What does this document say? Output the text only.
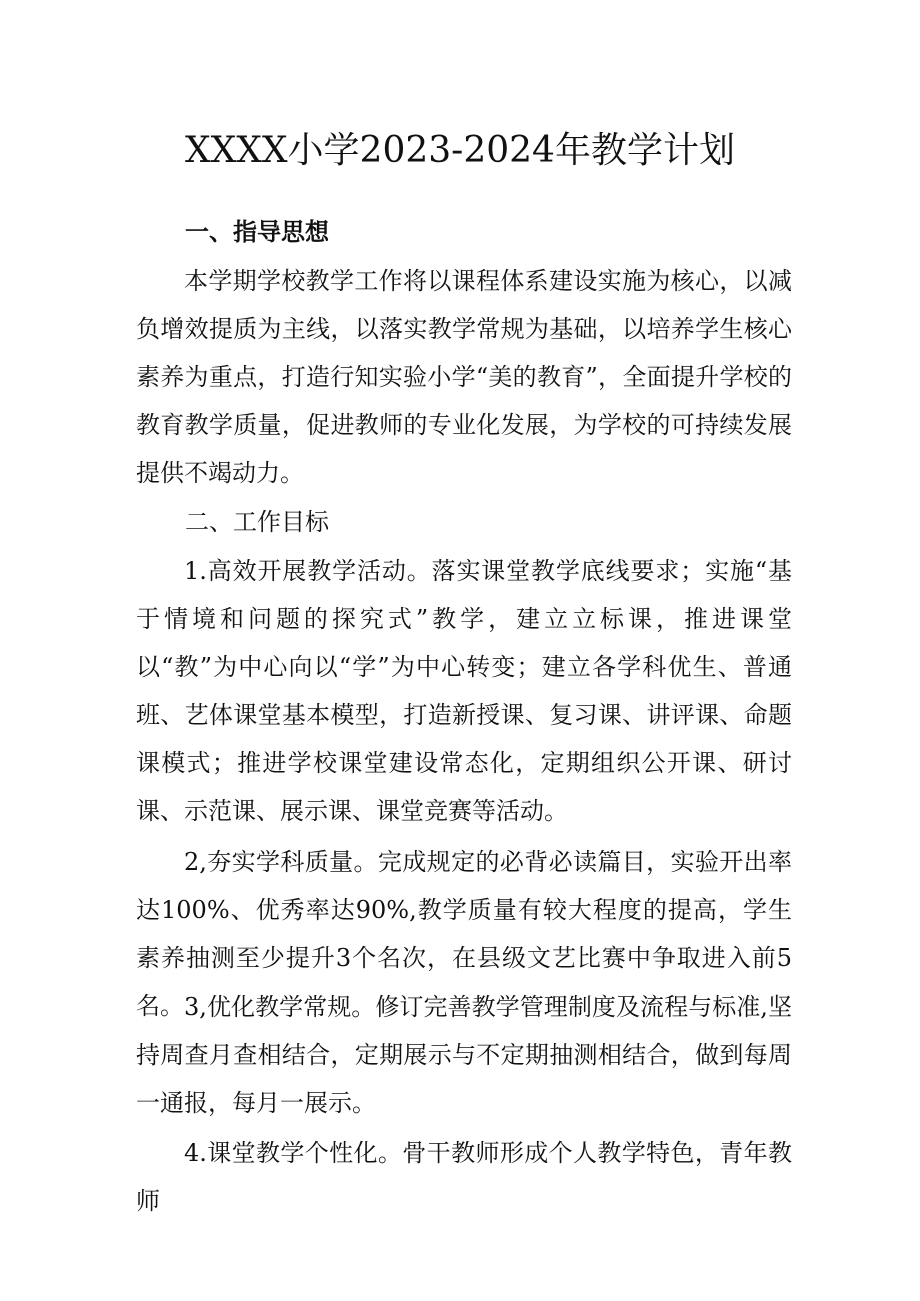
XXXX小学2023-2024年教学计划
一、指导思想

本学期学校教学工作将以课程体系建设实施为核心，以减负增效提质为主线，以落实教学常规为基础，以培养学生核心素养为重点，打造行知实验小学“美的教育”，全面提升学校的教育教学质量，促进教师的专业化发展，为学校的可持续发展提供不竭动力。

二、工作目标

1.高效开展教学活动。落实课堂教学底线要求；实施“基于情境和问题的探究式”教学，建立立标课，推进课堂以“教”为中心向以“学”为中心转变；建立各学科优生、普通班、艺体课堂基本模型，打造新授课、复习课、讲评课、命题课模式；推进学校课堂建设常态化，定期组织公开课、研讨课、示范课、展示课、课堂竞赛等活动。

2,夯实学科质量。完成规定的必背必读篇目，实验开出率达100%、优秀率达90%,教学质量有较大程度的提高，学生素养抽测至少提升3个名次，在县级文艺比赛中争取进入前5名。 3,优化教学常规。修订完善教学管理制度及流程与标准,坚持周查月查相结合，定期展示与不定期抽测相结合，做到每周一通报，每月一展示。

4.课堂教学个性化。骨干教师形成个人教学特色，青年教师
